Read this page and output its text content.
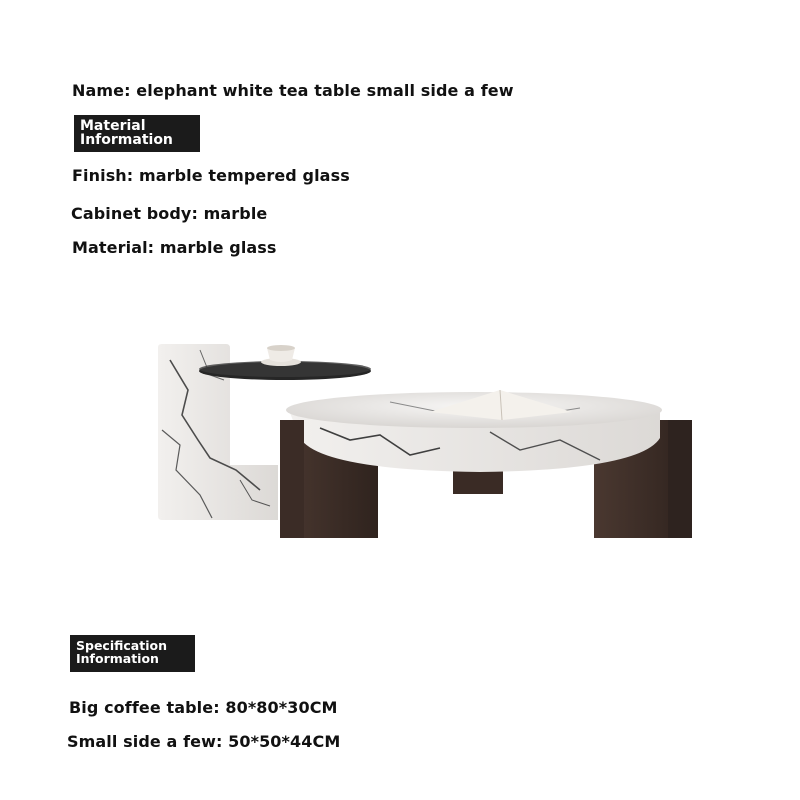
Name: elephant white tea table small side a few
Material
Information
Finish: marble tempered glass
Cabinet body: marble
Material: marble glass
Specification
Information
Big coffee table: 80*80*30CM
Small side a few: 50*50*44CM
